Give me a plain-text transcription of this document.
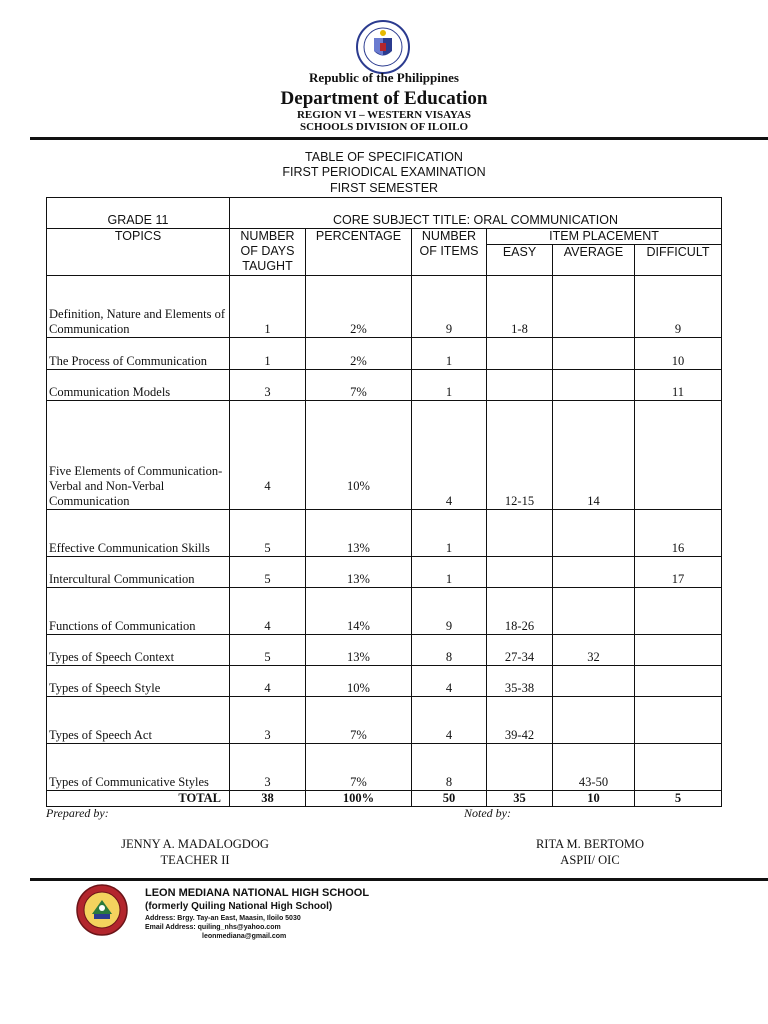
Republic of the Philippines
Department of Education
REGION VI – WESTERN VISAYAS
SCHOOLS DIVISION OF ILOILO
TABLE OF SPECIFICATION
FIRST PERIODICAL EXAMINATION
FIRST SEMESTER
GRADE 11	CORE SUBJECT TITLE: ORAL COMMUNICATION					
TOPICS	NUMBER OF DAYS TAUGHT	PERCENTAGE	NUMBER OF ITEMS	ITEM PLACEMENT		
				EASY	AVERAGE	DIFFICULT
Definition, Nature and Elements of Communication	1	2%	9	1-8		9
The Process of Communication	1	2%	1			10
Communication Models	3	7%	1			11
Five Elements of Communication- Verbal and Non-Verbal Communication	4	10%	4	12-15	14	
Effective Communication Skills	5	13%	1			16
Intercultural Communication	5	13%	1			17
Functions of Communication	4	14%	9	18-26		
Types of Speech Context	5	13%	8	27-34	32	
Types of Speech Style	4	10%	4	35-38		
Types of Speech Act	3	7%	4	39-42		
Types of Communicative Styles	3	7%	8		43-50	
TOTAL	38	100%	50	35	10	5
Prepared by:	Noted by:
JENNY A. MADALOGDOG
TEACHER II
RITA M. BERTOMO
ASPII/ OIC
LEON MEDIANA NATIONAL HIGH SCHOOL
(formerly Quiling National High School)
Address: Brgy. Tay-an East, Maasin, Iloilo 5030
Email Address: quiling_nhs@yahoo.com
leonmediana@gmail.com
